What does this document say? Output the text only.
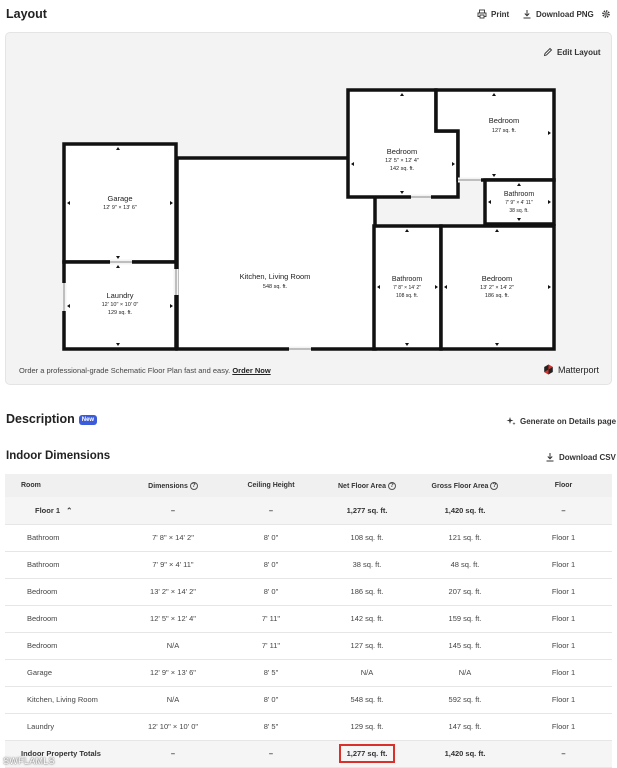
Layout	Print	Download PNG
Edit Layout
Garage
12' 9" × 13' 6"
Laundry
12' 10" × 10' 0"
129 sq. ft.
Kitchen, Living Room
548 sq. ft.
Bedroom
12' 5" × 12' 4"
142 sq. ft.
Bedroom
127 sq. ft.
Bathroom
7' 9" × 4' 11"
38 sq. ft.
Bathroom
7' 8" × 14' 2"
108 sq. ft.
Bedroom
13' 2" × 14' 2"
186 sq. ft.
Order a professional-grade Schematic Floor Plan fast and easy. Order Now	Matterport
Description New	Generate on Details page
Indoor Dimensions	Download CSV
Room	Dimensions ?	Ceiling Height	Net Floor Area ?	Gross Floor Area ?	Floor
Floor 1 ⌃	–	–	1,277 sq. ft.	1,420 sq. ft.	–
Bathroom	7' 8" × 14' 2"	8' 0"	108 sq. ft.	121 sq. ft.	Floor 1
Bathroom	7' 9" × 4' 11"	8' 0"	38 sq. ft.	48 sq. ft.	Floor 1
Bedroom	13' 2" × 14' 2"	8' 0"	186 sq. ft.	207 sq. ft.	Floor 1
Bedroom	12' 5" × 12' 4"	7' 11"	142 sq. ft.	159 sq. ft.	Floor 1
Bedroom	N/A	7' 11"	127 sq. ft.	145 sq. ft.	Floor 1
Garage	12' 9" × 13' 6"	8' 5"	N/A	N/A	Floor 1
Kitchen, Living Room	N/A	8' 0"	548 sq. ft.	592 sq. ft.	Floor 1
Laundry	12' 10" × 10' 0"	8' 5"	129 sq. ft.	147 sq. ft.	Floor 1
Indoor Property Totals	–	–	1,277 sq. ft.	1,420 sq. ft.	–
SWFLAMLS
